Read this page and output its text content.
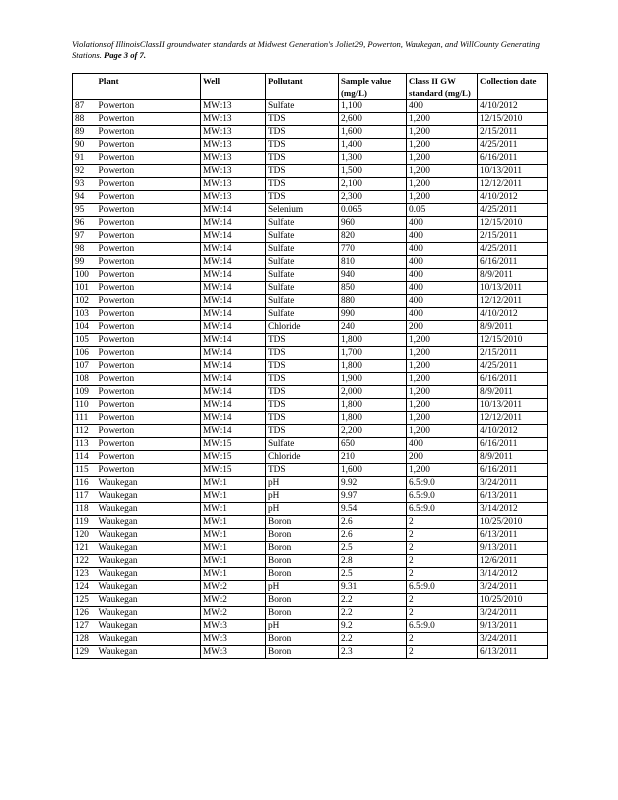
Violationsof IllinoisClassII groundwater standards at Midwest Generation's Joliet29, Powerton, Waukegan, and WillCounty Generating Stations. Page 3 of 7.
	Plant	Well	Pollutant	Sample value (mg/L)	Class II GW standard (mg/L)	Collection date
87	Powerton	MW:13	Sulfate	1,100	400	4/10/2012
88	Powerton	MW:13	TDS	2,600	1,200	12/15/2010
89	Powerton	MW:13	TDS	1,600	1,200	2/15/2011
90	Powerton	MW:13	TDS	1,400	1,200	4/25/2011
91	Powerton	MW:13	TDS	1,300	1,200	6/16/2011
92	Powerton	MW:13	TDS	1,500	1,200	10/13/2011
93	Powerton	MW:13	TDS	2,100	1,200	12/12/2011
94	Powerton	MW:13	TDS	2,300	1,200	4/10/2012
95	Powerton	MW:14	Selenium	0.065	0.05	4/25/2011
96	Powerton	MW:14	Sulfate	960	400	12/15/2010
97	Powerton	MW:14	Sulfate	820	400	2/15/2011
98	Powerton	MW:14	Sulfate	770	400	4/25/2011
99	Powerton	MW:14	Sulfate	810	400	6/16/2011
100	Powerton	MW:14	Sulfate	940	400	8/9/2011
101	Powerton	MW:14	Sulfate	850	400	10/13/2011
102	Powerton	MW:14	Sulfate	880	400	12/12/2011
103	Powerton	MW:14	Sulfate	990	400	4/10/2012
104	Powerton	MW:14	Chloride	240	200	8/9/2011
105	Powerton	MW:14	TDS	1,800	1,200	12/15/2010
106	Powerton	MW:14	TDS	1,700	1,200	2/15/2011
107	Powerton	MW:14	TDS	1,800	1,200	4/25/2011
108	Powerton	MW:14	TDS	1,900	1,200	6/16/2011
109	Powerton	MW:14	TDS	2,000	1,200	8/9/2011
110	Powerton	MW:14	TDS	1,800	1,200	10/13/2011
111	Powerton	MW:14	TDS	1,800	1,200	12/12/2011
112	Powerton	MW:14	TDS	2,200	1,200	4/10/2012
113	Powerton	MW:15	Sulfate	650	400	6/16/2011
114	Powerton	MW:15	Chloride	210	200	8/9/2011
115	Powerton	MW:15	TDS	1,600	1,200	6/16/2011
116	Waukegan	MW:1	pH	9.92	6.5:9.0	3/24/2011
117	Waukegan	MW:1	pH	9.97	6.5:9.0	6/13/2011
118	Waukegan	MW:1	pH	9.54	6.5:9.0	3/14/2012
119	Waukegan	MW:1	Boron	2.6	2	10/25/2010
120	Waukegan	MW:1	Boron	2.6	2	6/13/2011
121	Waukegan	MW:1	Boron	2.5	2	9/13/2011
122	Waukegan	MW:1	Boron	2.8	2	12/6/2011
123	Waukegan	MW:1	Boron	2.5	2	3/14/2012
124	Waukegan	MW:2	pH	9.31	6.5:9.0	3/24/2011
125	Waukegan	MW:2	Boron	2.2	2	10/25/2010
126	Waukegan	MW:2	Boron	2.2	2	3/24/2011
127	Waukegan	MW:3	pH	9.2	6.5:9.0	9/13/2011
128	Waukegan	MW:3	Boron	2.2	2	3/24/2011
129	Waukegan	MW:3	Boron	2.3	2	6/13/2011
